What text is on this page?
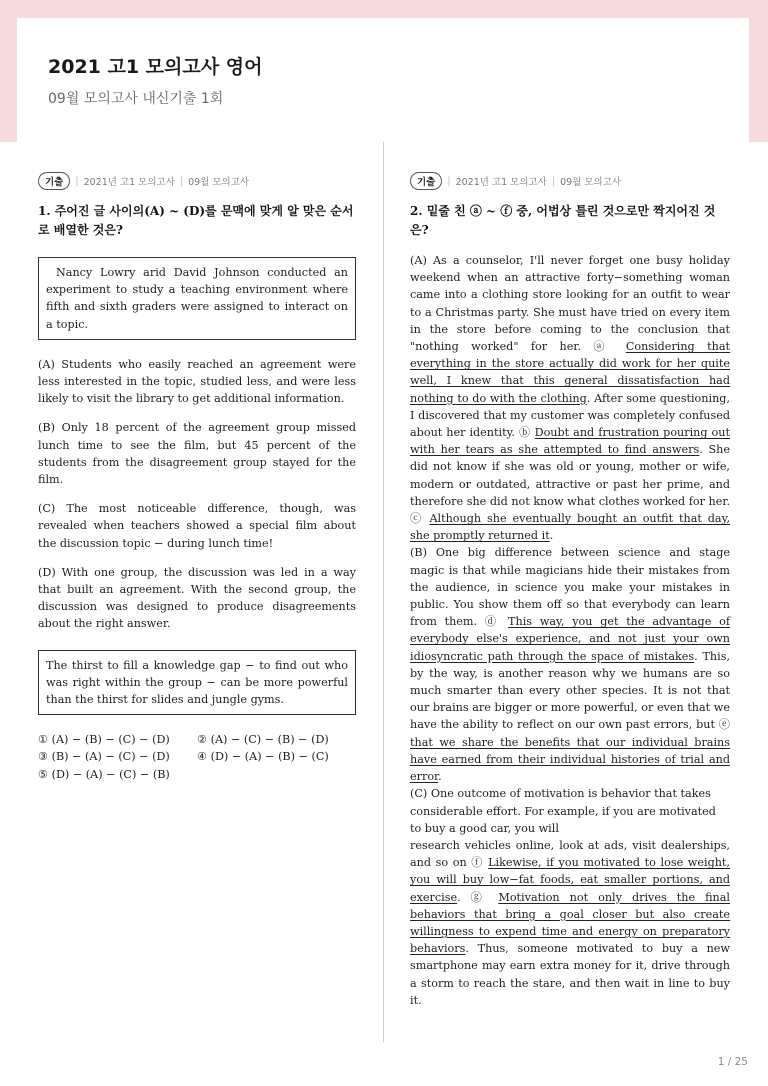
2021 고1 모의고사 영어
09월 모의고사 내신기출 1회
기출	| 2021년 고1 모의고사 | 09월 모의고사
1. 주어진 글 사이의(A) ~ (D)를 문맥에 맞게 알 맞은 순서로 배열한 것은?

Nancy Lowry arid David Johnson conducted an experiment to study a teaching environment where fifth and sixth graders were assigned to interact on a topic.

(A) Students who easily reached an agreement were less interested in the topic, studied less, and were less likely to visit the library to get additional information.

(B) Only 18 percent of the agreement group missed lunch time to see the film, but 45 percent of the students from the disagreement group stayed for the film.

(C) The most noticeable difference, though, was revealed when teachers showed a special film about the discussion topic − during lunch time!

(D) With one group, the discussion was led in a way that built an agreement. With the second group, the discussion was designed to produce disagreements about the right answer.

The thirst to fill a knowledge gap − to find out who was right within the group − can be more powerful than the thirst for slides and jungle gyms.

① (A) − (B) − (C) − (D)	② (A) − (C) − (B) − (D)
③ (B) − (A) − (C) − (D)	④ (D) − (A) − (B) − (C)
⑤ (D) − (A) − (C) − (B)
기출	| 2021년 고1 모의고사 | 09월 모의고사
2. 밑줄 친 ⓐ ~ ⓕ 중, 어법상 틀린 것으로만 짝지어진 것은?

(A) As a counselor, I'll never forget one busy holiday weekend when an attractive forty−something woman came into a clothing store looking for an outfit to wear to a Christmas party. She must have tried on every item in the store before coming to the conclusion that "nothing worked" for her. ⓐ Considering that everything in the store actually did work for her quite well, I knew that this general dissatisfaction had nothing to do with the clothing. After some questioning, I discovered that my customer was completely confused about her identity. ⓑ Doubt and frustration pouring out with her tears as she attempted to find answers. She did not know if she was old or young, mother or wife, modern or outdated, attractive or past her prime, and therefore she did not know what clothes worked for her. ⓒ Although she eventually bought an outfit that day, she promptly returned it.

(B) One big difference between science and stage magic is that while magicians hide their mistakes from the audience, in science you make your mistakes in public. You show them off so that everybody can learn from them. ⓓ This way, you get the advantage of everybody else's experience, and not just your own idiosyncratic path through the space of mistakes. This, by the way, is another reason why we humans are so much smarter than every other species. It is not that our brains are bigger or more powerful, or even that we have the ability to reflect on our own past errors, but ⓔ that we share the benefits that our individual brains have earned from their individual histories of trial and error.

(C) One outcome of motivation is behavior that takes considerable effort. For example, if you are motivated to buy a good car, you will

research vehicles online, look at ads, visit dealerships, and so on ⓕ Likewise, if you motivated to lose weight, you will buy low−fat foods, eat smaller portions, and exercise. ⓖ Motivation not only drives the final behaviors that bring a goal closer but also create willingness to expend time and energy on preparatory behaviors. Thus, someone motivated to buy a new smartphone may earn extra money for it, drive through a storm to reach the stare, and then wait in line to buy it.

1 / 25
